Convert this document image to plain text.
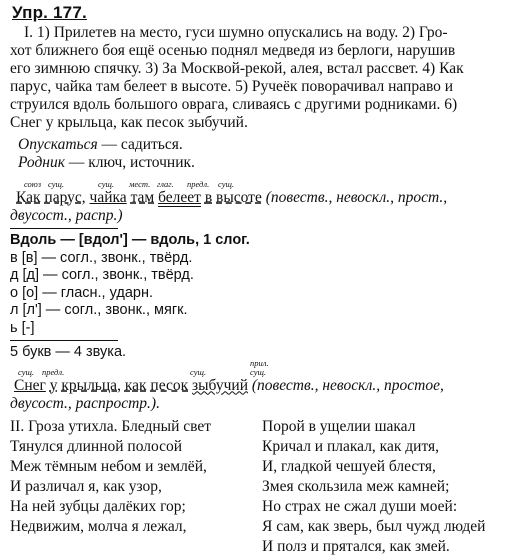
Упр. 177.

I. 1) Прилетев на место, гуси шумно опускались на воду. 2) Гро-

хот ближнего боя ещё осенью поднял медведя из берлоги, нарушив

его зимнюю спячку. 3) За Москвой-рекой, алея, встал рассвет. 4) Как

парус, чайка там белеет в высоте. 5) Ручеёк поворачивал направо и

струился вдоль большого оврага, сливаясь с другими родниками. 6)

Снег у крыльца, как песок зыбучий.

Опускаться — садиться.
Родник — ключ, источник.
союз сущ.	сущ. мест. глаг. предл. сущ.
Как парус, чайка там белеет в высоте (повеств., невоскл., прост.,
двусост., распр.)
Вдоль — [вдол'] — вдоль, 1 слог.
в [в] — согл., звонк., твёрд.
д [д] — согл., звонк., твёрд.
о [о] — гласн., ударн.
л [л'] — согл., звонк., мягк.
ь [-]
5 букв — 4 звука.
сущ. предл.	сущ.	сущ.
прил.
Снег у крыльца, как песок зыбучий (повеств., невоскл., простое,
двусост., распростр.).
II. Гроза утихла. Бледный свет
Тянулся длинной полосой
Меж тёмным небом и землёй,
И различал я, как узор,
На ней зубцы далёких гор;
Недвижим, молча я лежал,
Порой в ущелии шакал
Кричал и плакал, как дитя,
И, гладкой чешуей блестя,
Змея скользила меж камней;
Но страх не сжал души моей:
Я сам, как зверь, был чужд людей
И полз и прятался, как змей.
